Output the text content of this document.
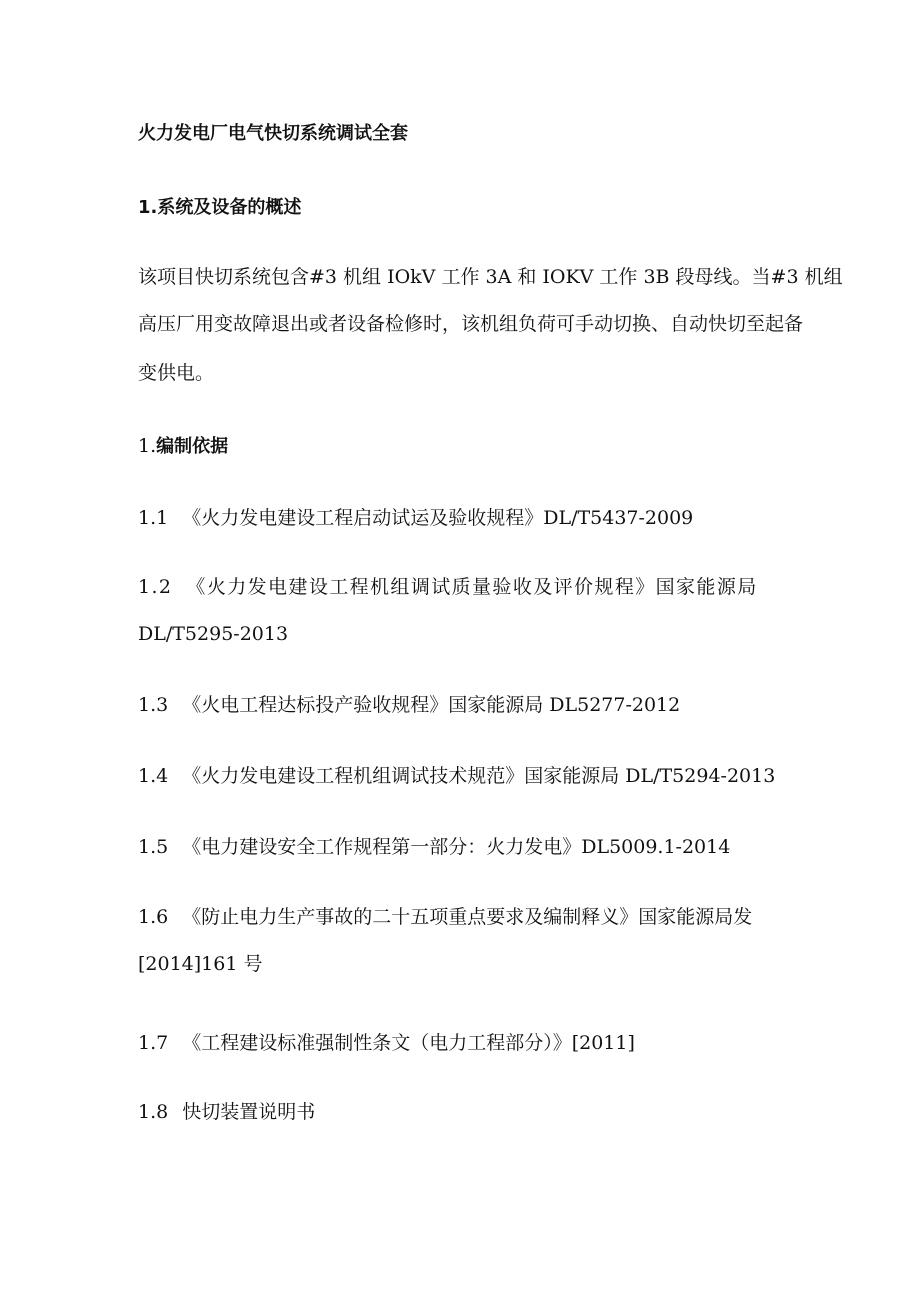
火力发电厂电气快切系统调试全套
1.系统及设备的概述
该项目快切系统包含#3 机组 IOkV 工作 3A 和 IOKV 工作 3B 段母线。当#3 机组
高压厂用变故障退出或者设备检修时，该机组负荷可手动切换、自动快切至起备
变供电。
1.编制依据
1.1 《火力发电建设工程启动试运及验收规程》DL/T5437-2009
1.2 《火力发电建设工程机组调试质量验收及评价规程》国家能源局
DL/T5295-2013
1.3 《火电工程达标投产验收规程》国家能源局 DL5277-2012
1.4 《火力发电建设工程机组调试技术规范》国家能源局 DL/T5294-2013
1.5 《电力建设安全工作规程第一部分：火力发电》DL5009.1-2014
1.6 《防止电力生产事故的二十五项重点要求及编制释义》国家能源局发
[2014]161 号
1.7 《工程建设标准强制性条文（电力工程部分）》[2011]
1.8 快切装置说明书
